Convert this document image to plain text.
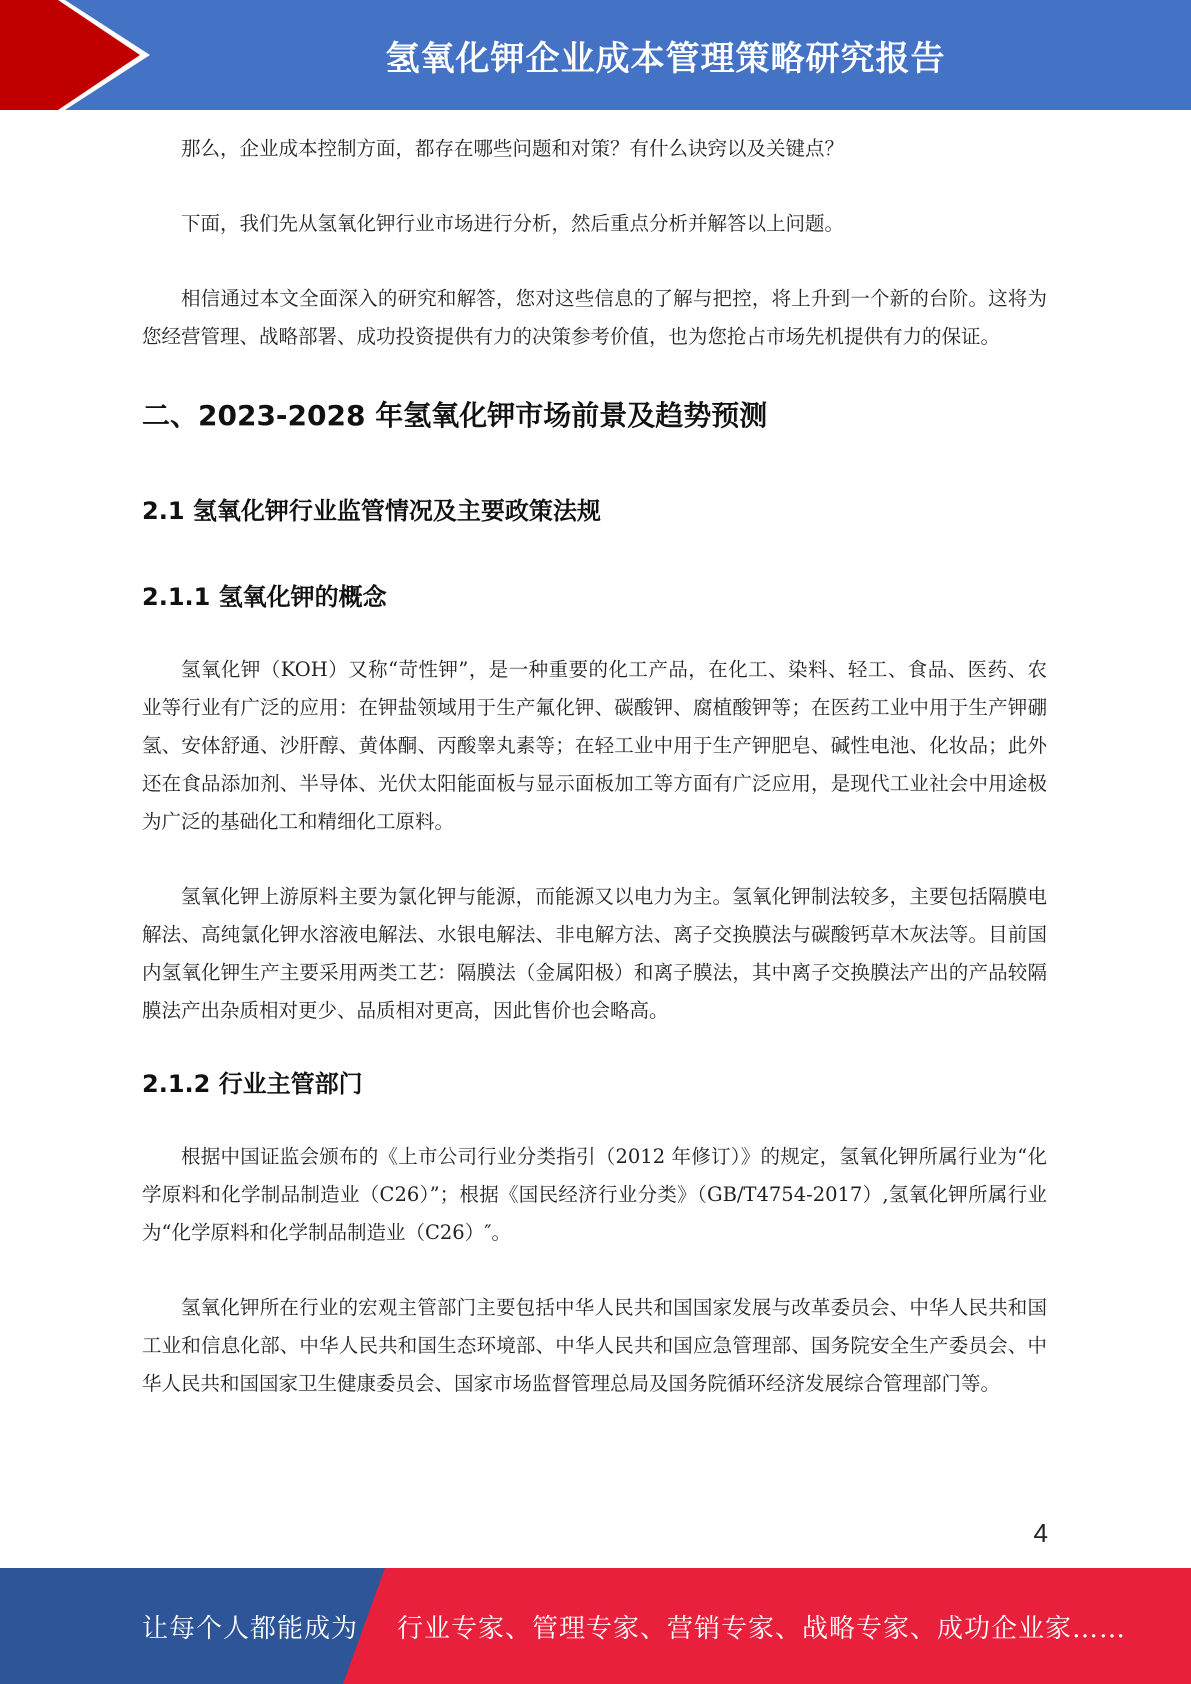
氢氧化钾企业成本管理策略研究报告

那么，企业成本控制方面，都存在哪些问题和对策？有什么诀窍以及关键点？

下面，我们先从氢氧化钾行业市场进行分析，然后重点分析并解答以上问题。

相信通过本文全面深入的研究和解答，您对这些信息的了解与把控，将上升到一个新的台阶。这将为您经营管理、战略部署、成功投资提供有力的决策参考价值，也为您抢占市场先机提供有力的保证。

二、2023-2028 年氢氧化钾市场前景及趋势预测
2.1 氢氧化钾行业监管情况及主要政策法规
2.1.1 氢氧化钾的概念

氢氧化钾（KOH）又称“苛性钾”，是一种重要的化工产品，在化工、染料、轻工、食品、医药、农业等行业有广泛的应用：在钾盐领域用于生产氟化钾、碳酸钾、腐植酸钾等；在医药工业中用于生产钾硼氢、安体舒通、沙肝醇、黄体酮、丙酸睾丸素等；在轻工业中用于生产钾肥皂、碱性电池、化妆品；此外还在食品添加剂、半导体、光伏太阳能面板与显示面板加工等方面有广泛应用，是现代工业社会中用途极为广泛的基础化工和精细化工原料。

氢氧化钾上游原料主要为氯化钾与能源，而能源又以电力为主。氢氧化钾制法较多，主要包括隔膜电解法、高纯氯化钾水溶液电解法、水银电解法、非电解方法、离子交换膜法与碳酸钙草木灰法等。目前国内氢氧化钾生产主要采用两类工艺：隔膜法（金属阳极）和离子膜法，其中离子交换膜法产出的产品较隔膜法产出杂质相对更少、品质相对更高，因此售价也会略高。

2.1.2 行业主管部门

根据中国证监会颁布的《上市公司行业分类指引（2012 年修订）》的规定，氢氧化钾所属行业为“化学原料和化学制品制造业（C26）”；根据《国民经济行业分类》（GB/T4754-2017）,氢氧化钾所属行业为“化学原料和化学制品制造业（C26）″。

氢氧化钾所在行业的宏观主管部门主要包括中华人民共和国国家发展与改革委员会、中华人民共和国工业和信息化部、中华人民共和国生态环境部、中华人民共和国应急管理部、国务院安全生产委员会、中华人民共和国国家卫生健康委员会、国家市场监督管理总局及国务院循环经济发展综合管理部门等。

4
让每个人都能成为 行业专家、管理专家、营销专家、战略专家、成功企业家……
